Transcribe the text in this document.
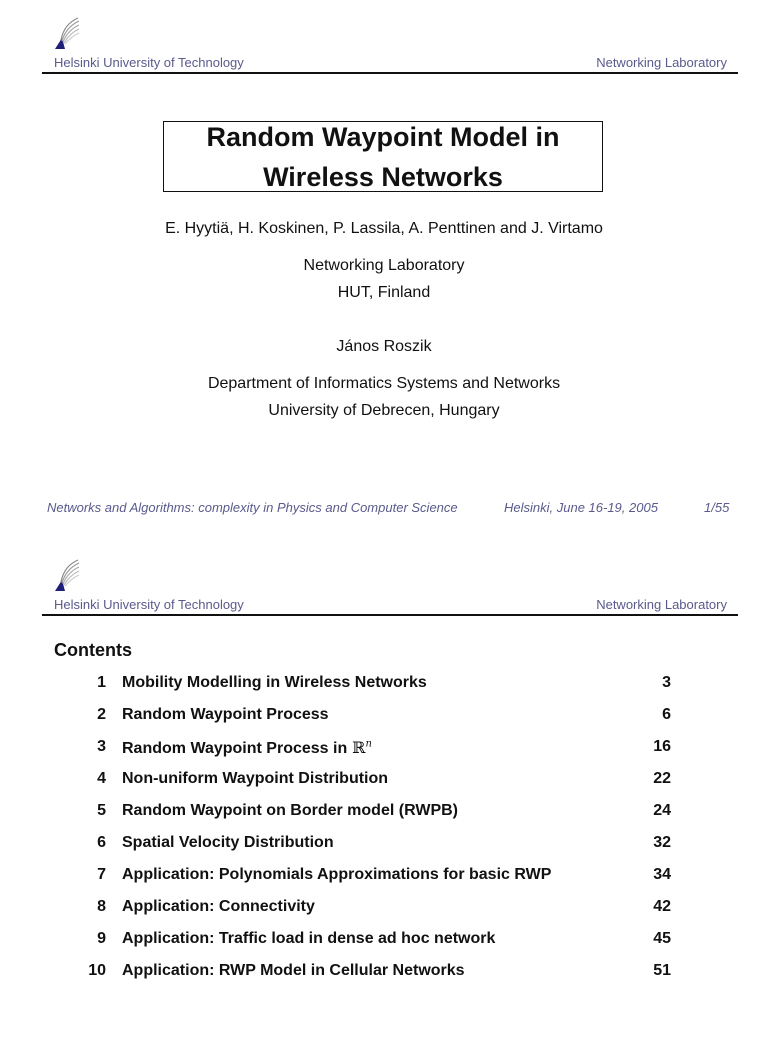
Helsinki University of Technology	Networking Laboratory
Random Waypoint Model in
Wireless Networks
E. Hyytiä, H. Koskinen, P. Lassila, A. Penttinen and J. Virtamo
Networking Laboratory
HUT, Finland
János Roszik
Department of Informatics Systems and Networks
University of Debrecen, Hungary
Networks and Algorithms: complexity in Physics and Computer Science	Helsinki, June 16-19, 2005	1/55
Helsinki University of Technology	Networking Laboratory
Contents
1 Mobility Modelling in Wireless Networks	3
2 Random Waypoint Process	6
3 Random Waypoint Process in ℝ$^n$	16
4 Non-uniform Waypoint Distribution	22
5 Random Waypoint on Border model (RWPB)	24
6 Spatial Velocity Distribution	32
7 Application: Polynomials Approximations for basic RWP	34
8 Application: Connectivity	42
9 Application: Traffic load in dense ad hoc network	45
10 Application: RWP Model in Cellular Networks	51
